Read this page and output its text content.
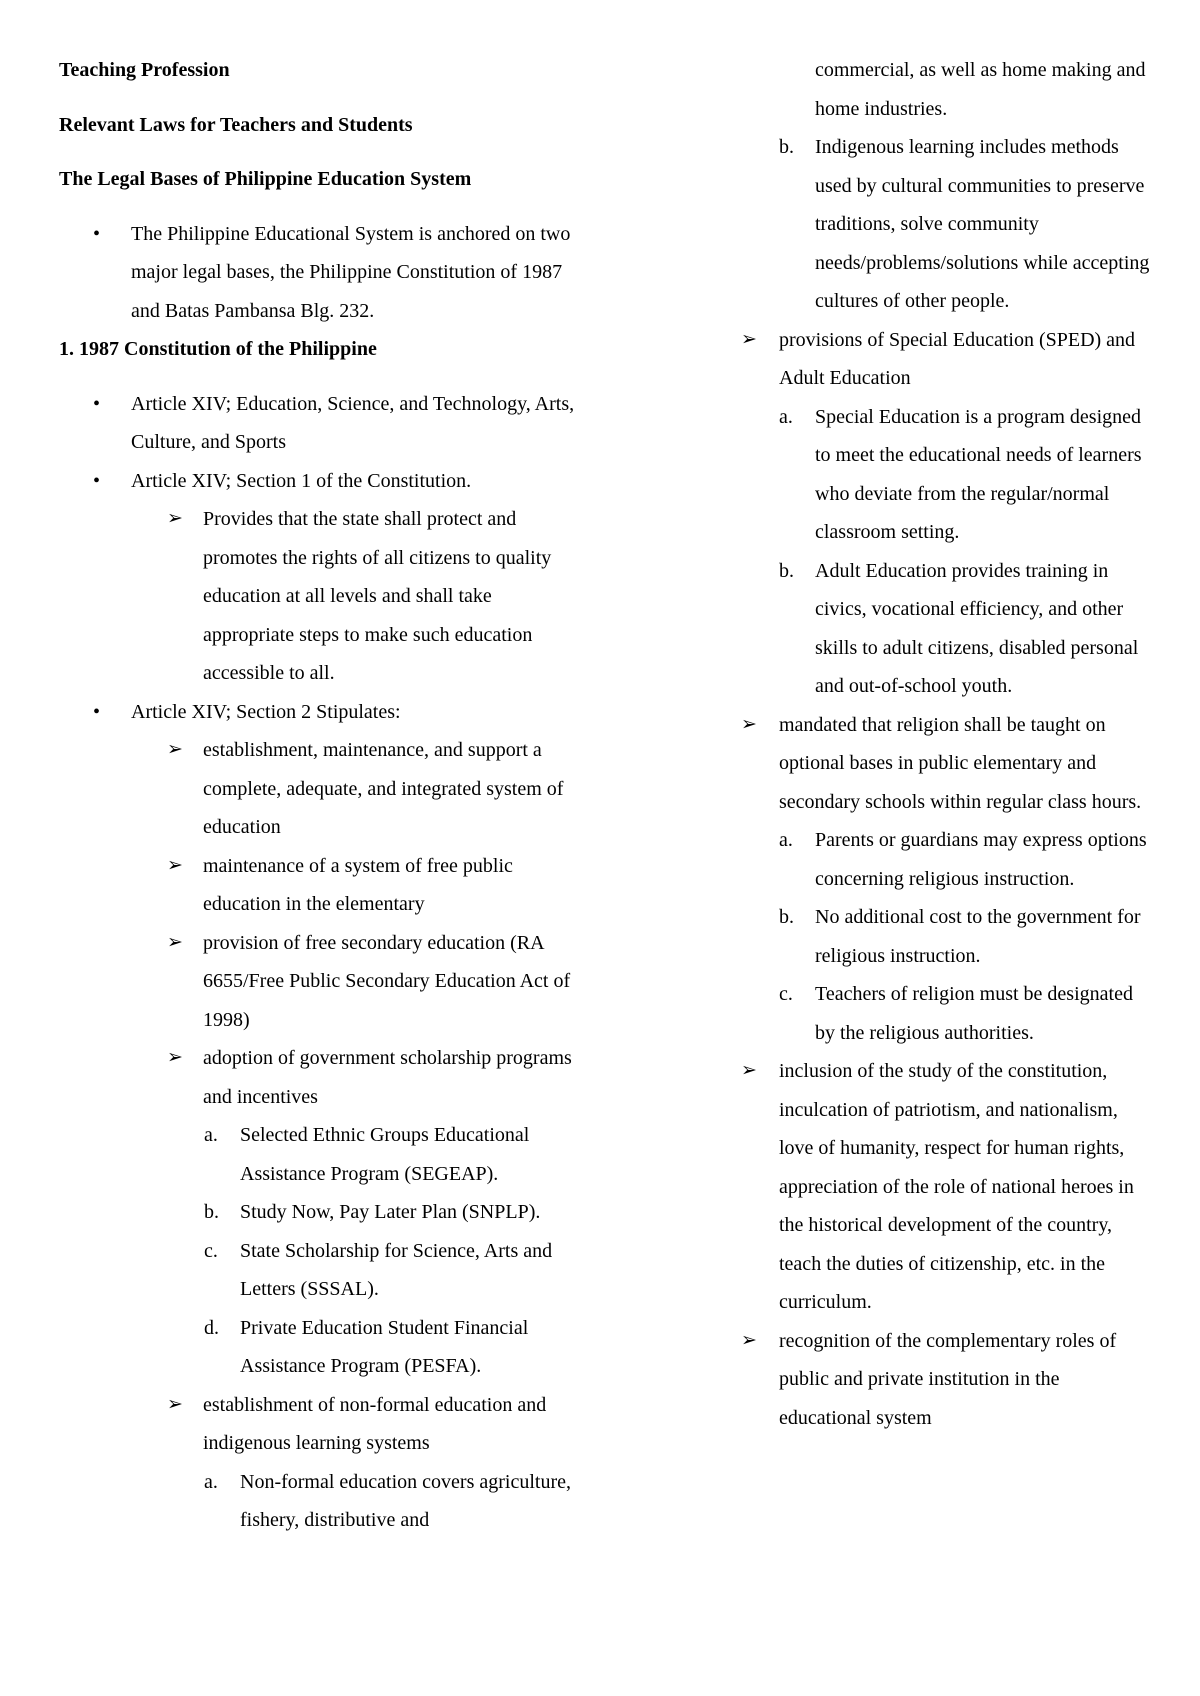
Teaching Profession

Relevant Laws for Teachers and Students

The Legal Bases of Philippine Education System

• The Philippine Educational System is anchored on two major legal bases, the Philippine Constitution of 1987 and Batas Pambansa Blg. 232.

1. 1987 Constitution of the Philippine

• Article XIV; Education, Science, and Technology, Arts, Culture, and Sports
• Article XIV; Section 1 of the Constitution.
➢ Provides that the state shall protect and promotes the rights of all citizens to quality education at all levels and shall take appropriate steps to make such education accessible to all.
• Article XIV; Section 2 Stipulates:
➢ establishment, maintenance, and support a complete, adequate, and integrated system of education
➢ maintenance of a system of free public education in the elementary
➢ provision of free secondary education (RA 6655/Free Public Secondary Education Act of 1998)
➢ adoption of government scholarship programs and incentives
a. Selected Ethnic Groups Educational Assistance Program (SEGEAP).
b. Study Now, Pay Later Plan (SNPLP).
c. State Scholarship for Science, Arts and Letters (SSSAL).
d. Private Education Student Financial Assistance Program (PESFA).
➢ establishment of non-formal education and indigenous learning systems
a. Non-formal education covers agriculture, fishery, distributive and
commercial, as well as home making and home industries.
b. Indigenous learning includes methods used by cultural communities to preserve traditions, solve community needs/problems/solutions while accepting cultures of other people.
➢ provisions of Special Education (SPED) and Adult Education
a. Special Education is a program designed to meet the educational needs of learners who deviate from the regular/normal classroom setting.
b. Adult Education provides training in civics, vocational efficiency, and other skills to adult citizens, disabled personal and out-of-school youth.
➢ mandated that religion shall be taught on optional bases in public elementary and secondary schools within regular class hours.
a. Parents or guardians may express options concerning religious instruction.
b. No additional cost to the government for religious instruction.
c. Teachers of religion must be designated by the religious authorities.
➢ inclusion of the study of the constitution, inculcation of patriotism, and nationalism, love of humanity, respect for human rights, appreciation of the role of national heroes in the historical development of the country, teach the duties of citizenship, etc. in the curriculum.
➢ recognition of the complementary roles of public and private institution in the educational system
